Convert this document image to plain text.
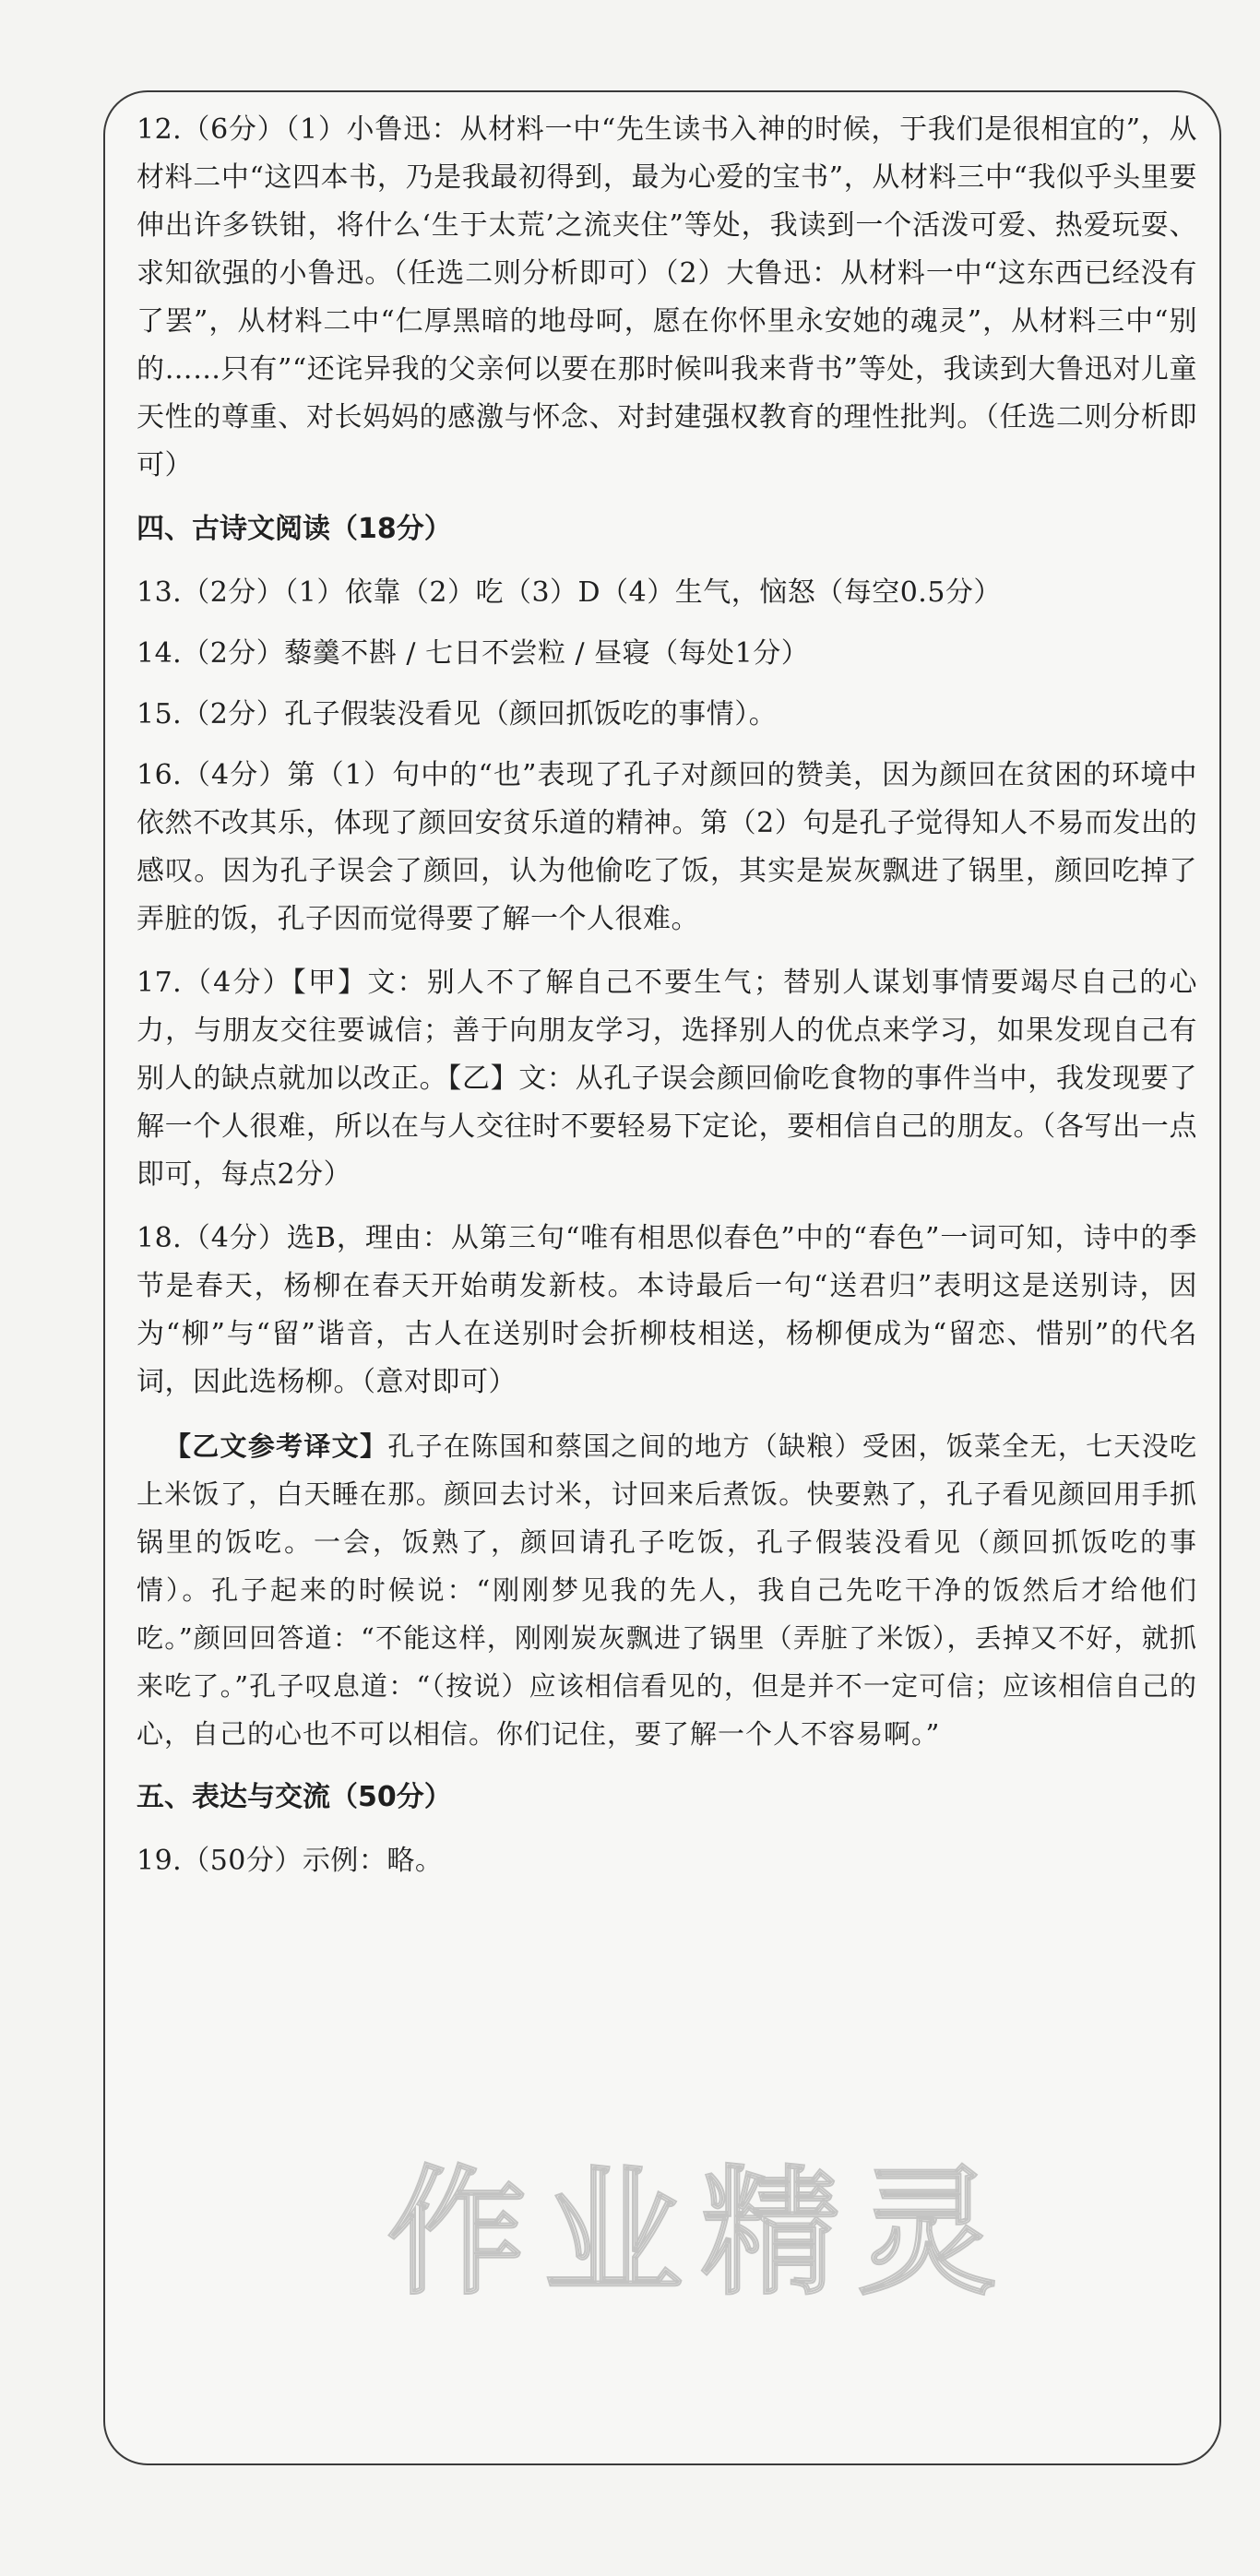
12.（6分）（1）小鲁迅：从材料一中“先生读书入神的时候，于我们是很相宜的”，从材料二中“这四本书，乃是我最初得到，最为心爱的宝书”，从材料三中“我似乎头里要伸出许多铁钳，将什么‘生于太荒’之流夹住”等处，我读到一个活泼可爱、热爱玩耍、求知欲强的小鲁迅。（任选二则分析即可）（2）大鲁迅：从材料一中“这东西已经没有了罢”，从材料二中“仁厚黑暗的地母呵，愿在你怀里永安她的魂灵”，从材料三中“别的……只有”“还诧异我的父亲何以要在那时候叫我来背书”等处，我读到大鲁迅对儿童天性的尊重、对长妈妈的感激与怀念、对封建强权教育的理性批判。（任选二则分析即可）

四、古诗文阅读（18分）

13.（2分）（1）依靠（2）吃（3）D（4）生气，恼怒（每空0.5分）

14.（2分）藜羹不斟 / 七日不尝粒 / 昼寝（每处1分）

15.（2分）孔子假装没看见（颜回抓饭吃的事情）。

16.（4分）第（1）句中的“也”表现了孔子对颜回的赞美，因为颜回在贫困的环境中依然不改其乐，体现了颜回安贫乐道的精神。第（2）句是孔子觉得知人不易而发出的感叹。因为孔子误会了颜回，认为他偷吃了饭，其实是炭灰飘进了锅里，颜回吃掉了弄脏的饭，孔子因而觉得要了解一个人很难。

17.（4分）【甲】文：别人不了解自己不要生气；替别人谋划事情要竭尽自己的心力，与朋友交往要诚信；善于向朋友学习，选择别人的优点来学习，如果发现自己有别人的缺点就加以改正。【乙】文：从孔子误会颜回偷吃食物的事件当中，我发现要了解一个人很难，所以在与人交往时不要轻易下定论，要相信自己的朋友。（各写出一点即可，每点2分）

18.（4分）选B，理由：从第三句“唯有相思似春色”中的“春色”一词可知，诗中的季节是春天，杨柳在春天开始萌发新枝。本诗最后一句“送君归”表明这是送别诗，因为“柳”与“留”谐音，古人在送别时会折柳枝相送，杨柳便成为“留恋、惜别”的代名词，因此选杨柳。（意对即可）

【乙文参考译文】孔子在陈国和蔡国之间的地方（缺粮）受困，饭菜全无，七天没吃上米饭了，白天睡在那。颜回去讨米，讨回来后煮饭。快要熟了，孔子看见颜回用手抓锅里的饭吃。一会，饭熟了，颜回请孔子吃饭，孔子假装没看见（颜回抓饭吃的事情）。孔子起来的时候说：“刚刚梦见我的先人，我自己先吃干净的饭然后才给他们吃。”颜回回答道：“不能这样，刚刚炭灰飘进了锅里（弄脏了米饭），丢掉又不好，就抓来吃了。”孔子叹息道：“（按说）应该相信看见的，但是并不一定可信；应该相信自己的心，自己的心也不可以相信。你们记住，要了解一个人不容易啊。”

五、表达与交流（50分）

19.（50分）示例：略。
